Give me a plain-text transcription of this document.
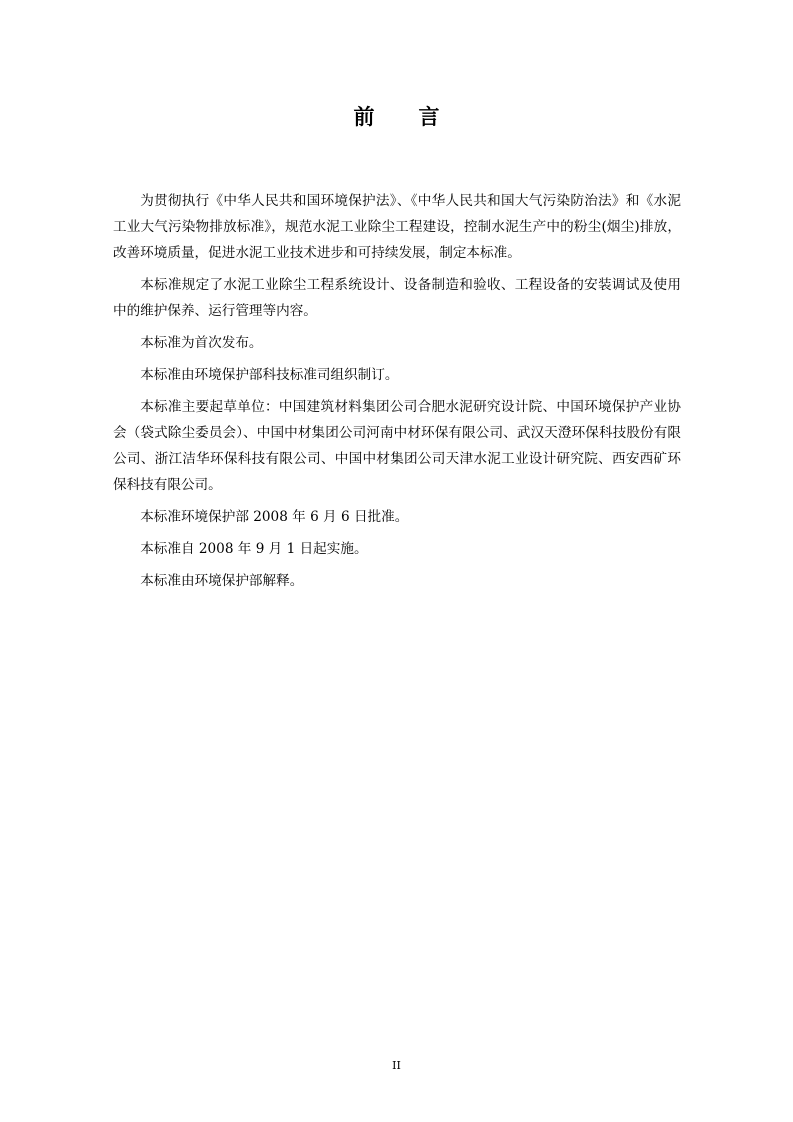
前言

为贯彻执行《中华人民共和国环境保护法》、《中华人民共和国大气污染防治法》和《水泥工业大气污染物排放标准》，规范水泥工业除尘工程建设，控制水泥生产中的粉尘(烟尘)排放，改善环境质量，促进水泥工业技术进步和可持续发展，制定本标准。

本标准规定了水泥工业除尘工程系统设计、设备制造和验收、工程设备的安装调试及使用中的维护保养、运行管理等内容。

本标准为首次发布。

本标准由环境保护部科技标准司组织制订。

本标准主要起草单位：中国建筑材料集团公司合肥水泥研究设计院、中国环境保护产业协会（袋式除尘委员会）、中国中材集团公司河南中材环保有限公司、武汉天澄环保科技股份有限公司、浙江洁华环保科技有限公司、中国中材集团公司天津水泥工业设计研究院、西安西矿环保科技有限公司。

本标准环境保护部 2008 年 6 月 6 日批准。

本标准自 2008 年 9 月 1 日起实施。

本标准由环境保护部解释。

II
